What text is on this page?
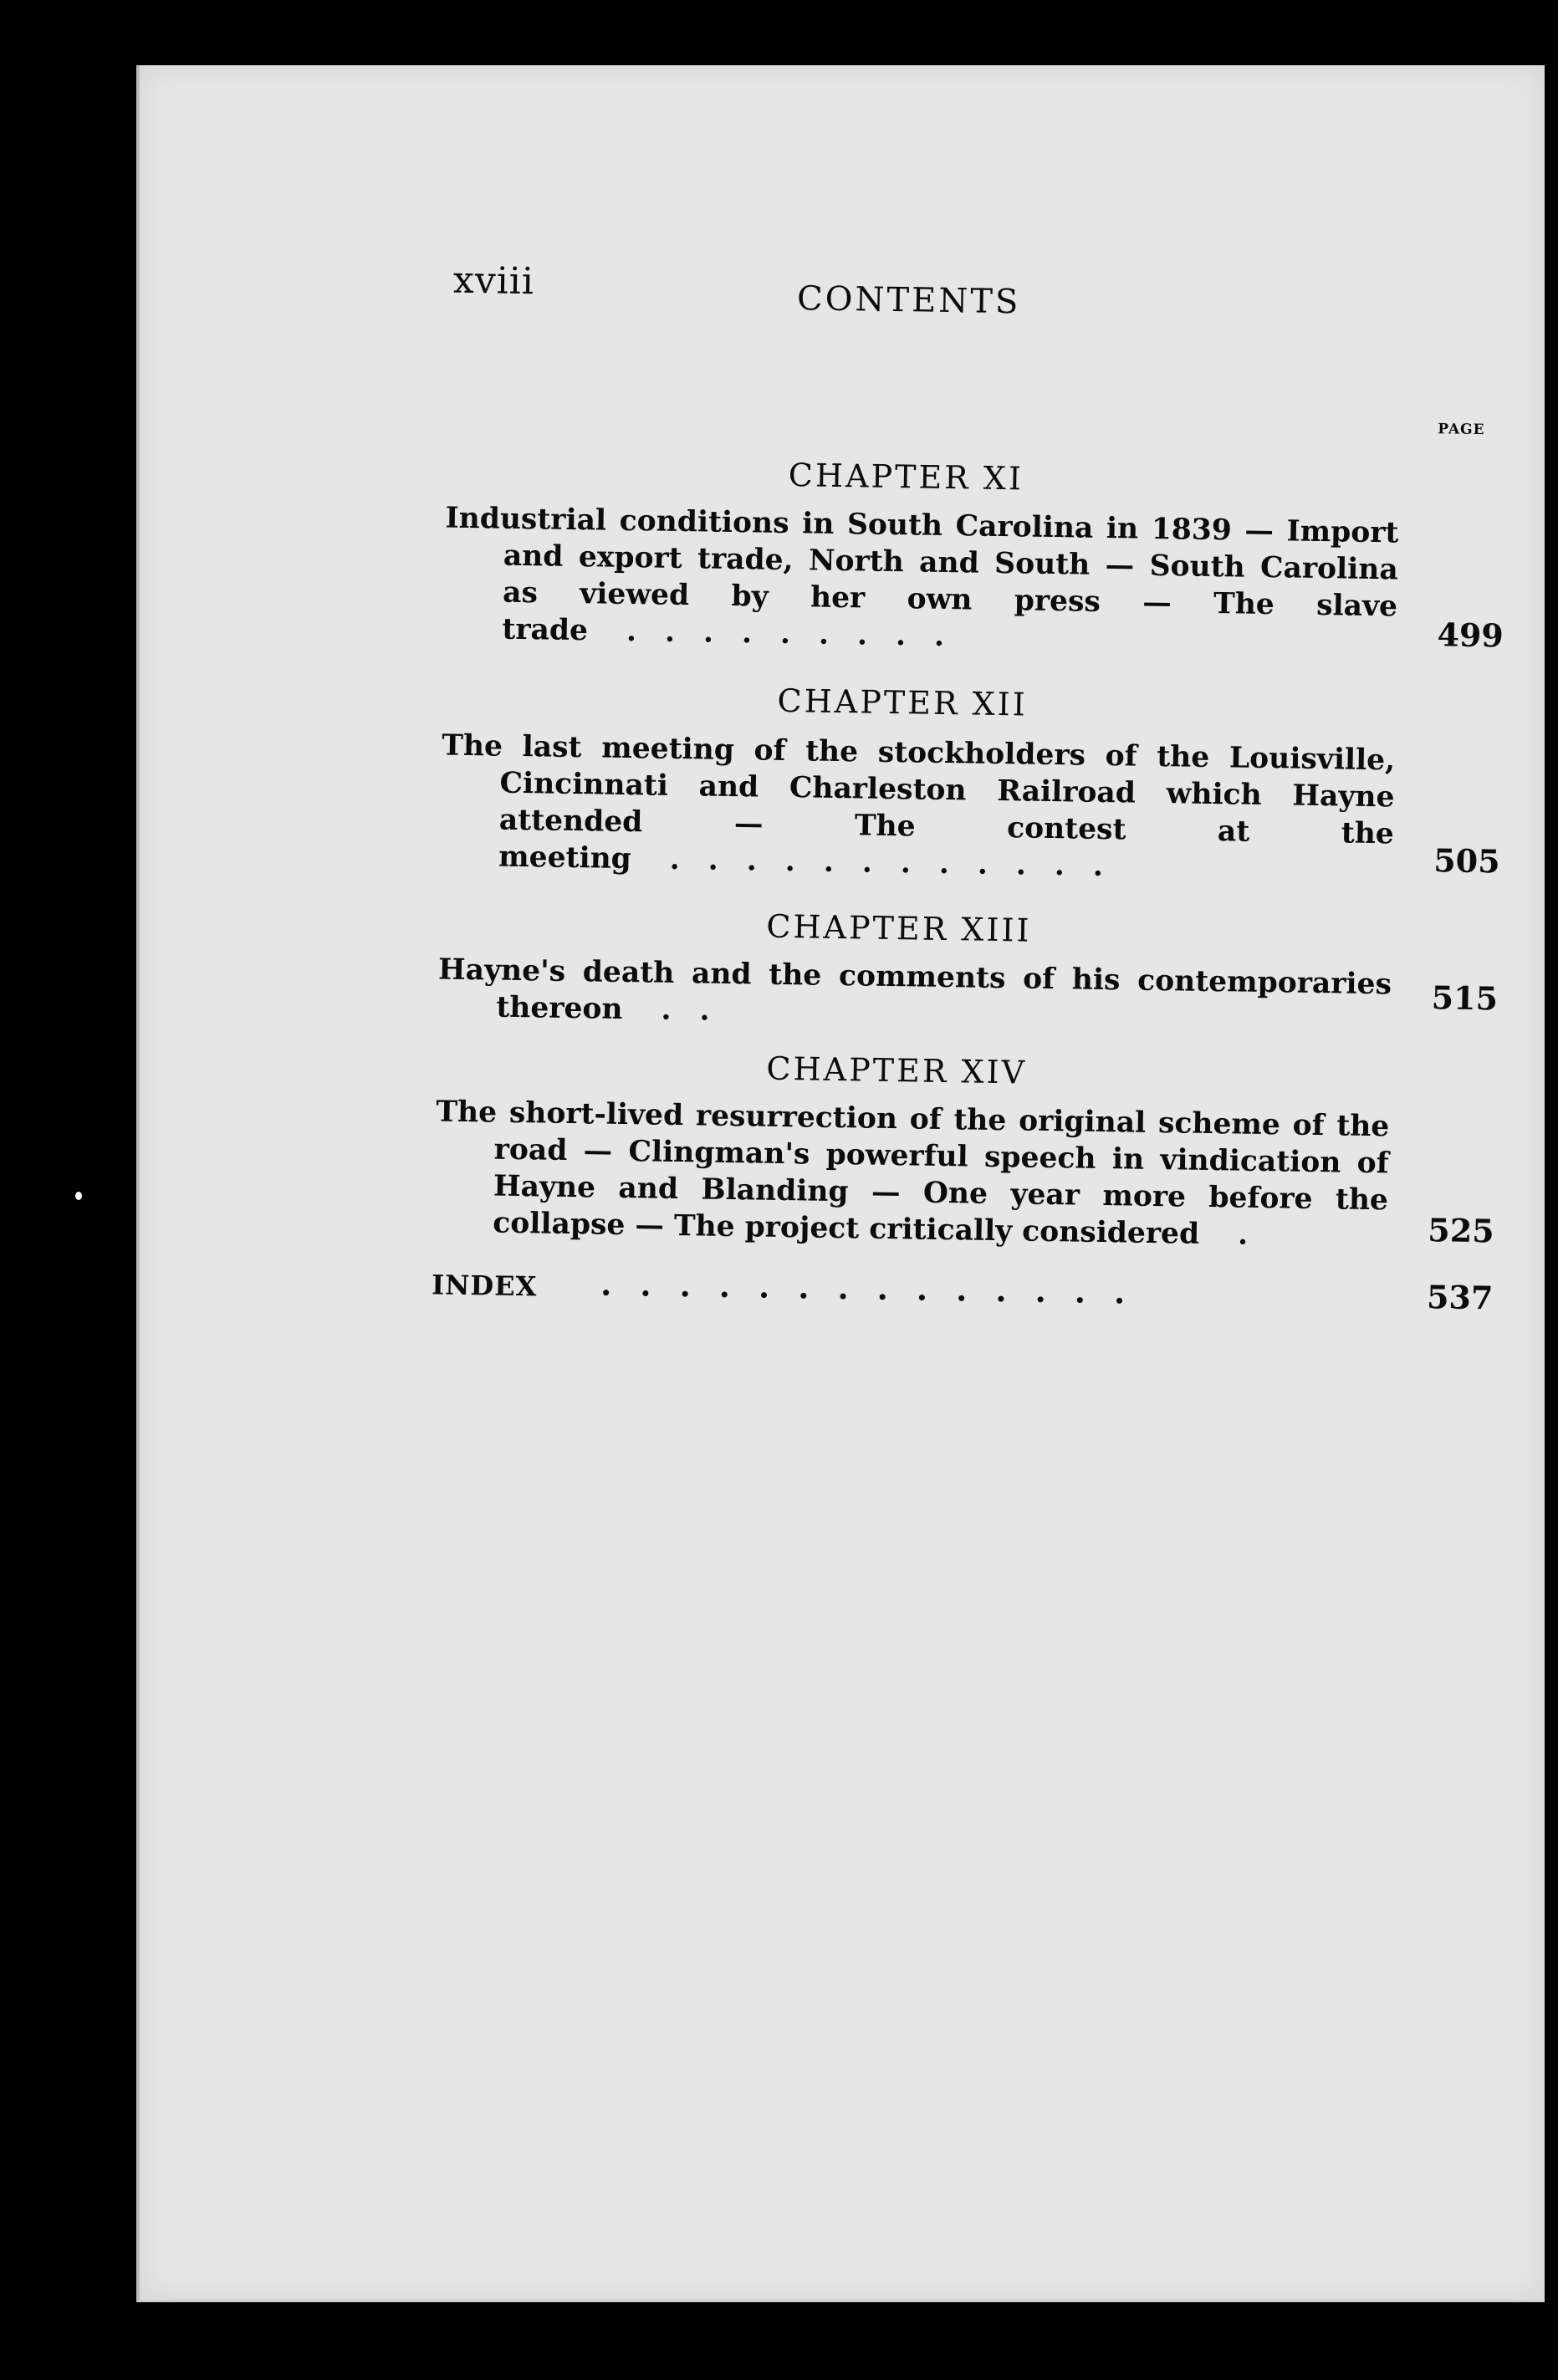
xviii	CONTENTS
CHAPTER XI
PAGE
Industrial conditions in South Carolina in 1839 — Import and export trade, North and South — South Carolina as viewed by her own press — The slave trade .........	499
CHAPTER XII
The last meeting of the stockholders of the Louisville, Cincinnati and Charleston Railroad which Hayne attended — The contest at the meeting ............	505
CHAPTER XIII
Hayne's death and the comments of his contemporaries thereon ..	515
CHAPTER XIV
The short-lived resurrection of the original scheme of the road — Clingman's powerful speech in vindication of Hayne and Blanding — One year more before the collapse — The project critically considered .	525
INDEX ..............	537
